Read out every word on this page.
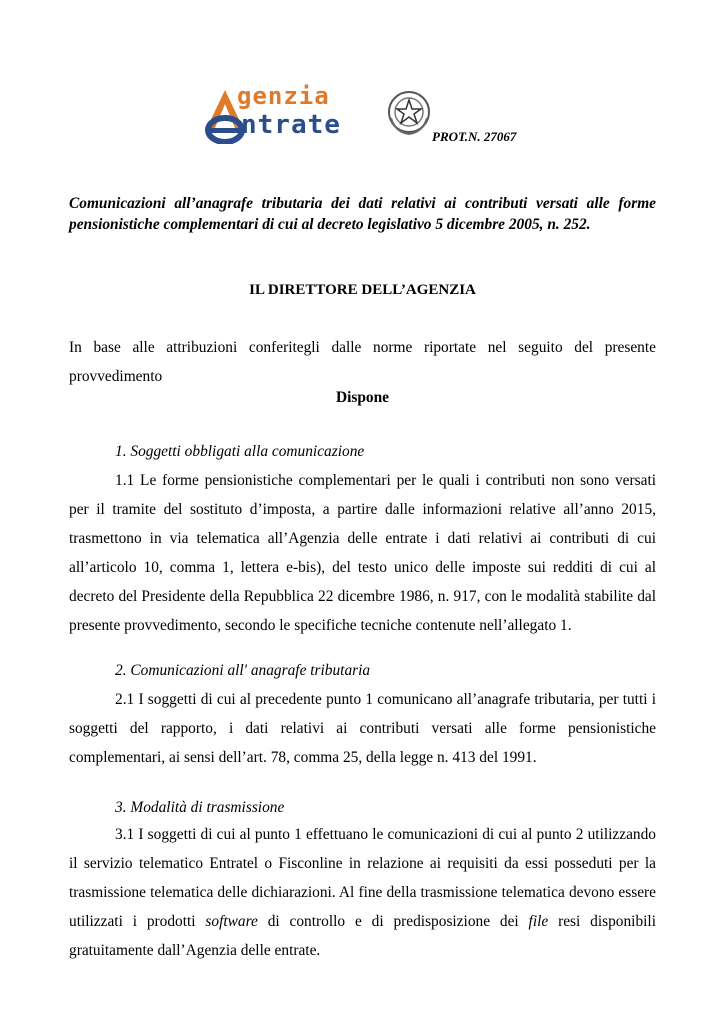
genzia
ntrate	PROT.N. 27067
Comunicazioni all’anagrafe tributaria dei dati relativi ai contributi versati alle forme pensionistiche complementari di cui al decreto legislativo 5 dicembre 2005, n. 252.
IL DIRETTORE DELL’AGENZIA
In base alle attribuzioni conferitegli dalle norme riportate nel seguito del presente provvedimento
Dispone
1. Soggetti obbligati alla comunicazione
1.1 Le forme pensionistiche complementari per le quali i contributi non sono versati per il tramite del sostituto d’imposta, a partire dalle informazioni relative all’anno 2015, trasmettono in via telematica all’Agenzia delle entrate i dati relativi ai contributi di cui all’articolo 10, comma 1, lettera e-bis), del testo unico delle imposte sui redditi di cui al decreto del Presidente della Repubblica 22 dicembre 1986, n. 917, con le modalità stabilite dal presente provvedimento, secondo le specifiche tecniche contenute nell’allegato 1.
2. Comunicazioni all' anagrafe tributaria
2.1 I soggetti di cui al precedente punto 1 comunicano all’anagrafe tributaria, per tutti i soggetti del rapporto, i dati relativi ai contributi versati alle forme pensionistiche complementari, ai sensi dell’art. 78, comma 25, della legge n. 413 del 1991.
3. Modalità di trasmissione
3.1 I soggetti di cui al punto 1 effettuano le comunicazioni di cui al punto 2 utilizzando il servizio telematico Entratel o Fisconline in relazione ai requisiti da essi posseduti per la trasmissione telematica delle dichiarazioni. Al fine della trasmissione telematica devono essere utilizzati i prodotti software di controllo e di predisposizione dei file resi disponibili gratuitamente dall’Agenzia delle entrate.
